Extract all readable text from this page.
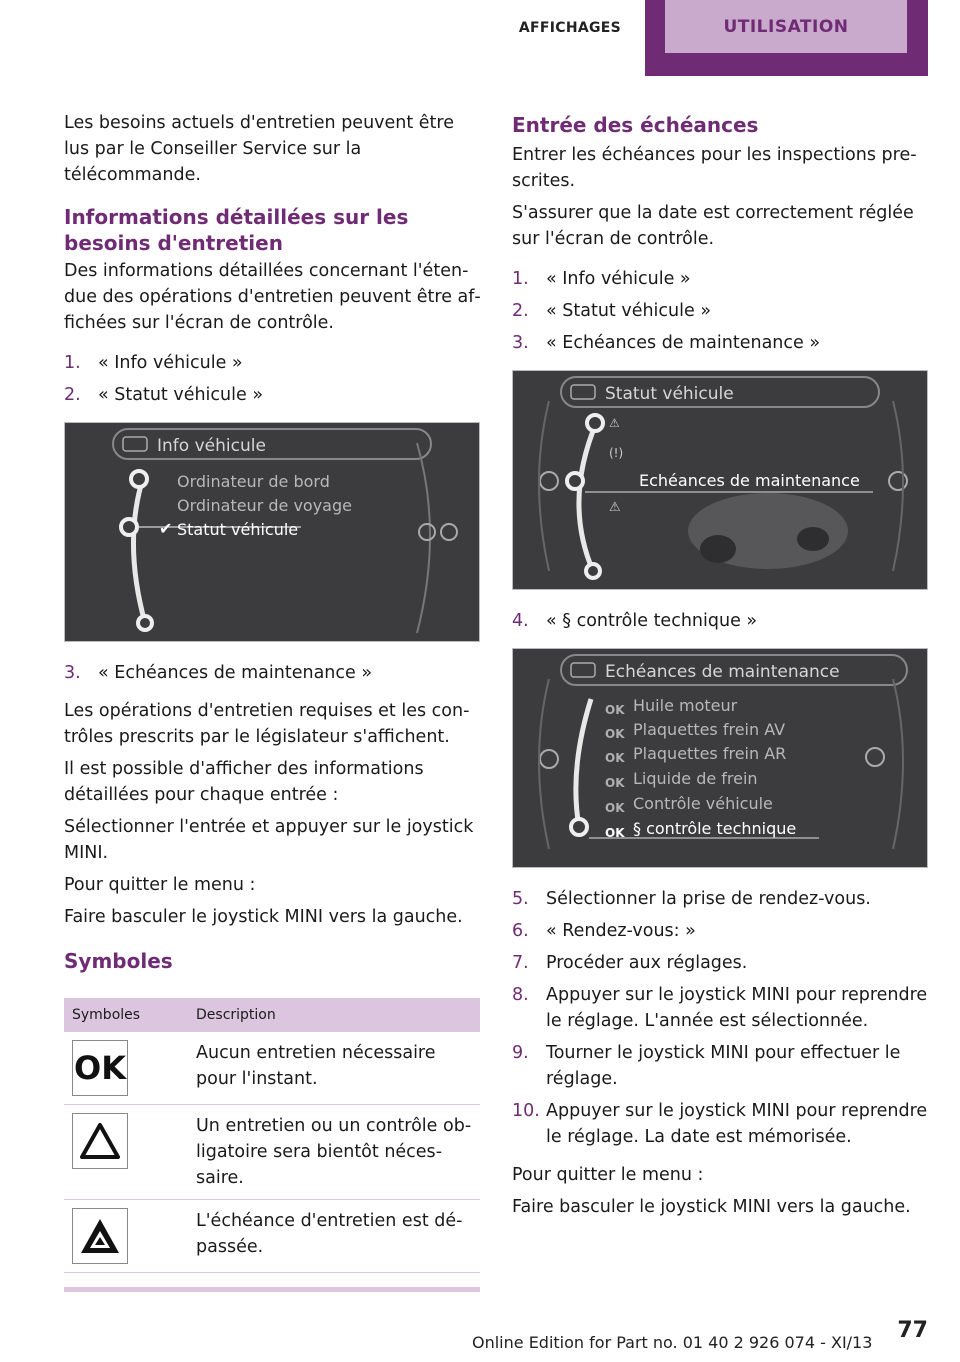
AFFICHAGES	UTILISATION

Les besoins actuels d'entretien peuvent être lus par le Conseiller Service sur la télécommande.

Informations détaillées sur les besoins d'entretien

Des informations détaillées concernant l'étendue des opérations d'entretien peuvent être affichées sur l'écran de contrôle.

1. « Info véhicule »
2. « Statut véhicule »
Info véhicule
Ordinateur de bord
Ordinateur de voyage
Statut véhicule
✔
3. « Echéances de maintenance »

Les opérations d'entretien requises et les contrôles prescrits par le législateur s'affichent.

Il est possible d'afficher des informations détaillées pour chaque entrée :

Sélectionner l'entrée et appuyer sur le joystick MINI.

Pour quitter le menu :

Faire basculer le joystick MINI vers la gauche.

Symboles
Symboles	Description

OK	Aucun entretien nécessaire pour l'instant.

	Un entretien ou un contrôle obligatoire sera bientôt nécessaire.

	L'échéance d'entretien est dépassée.
Entrée des échéances

Entrer les échéances pour les inspections prescrites.

S'assurer que la date est correctement réglée sur l'écran de contrôle.

1. « Info véhicule »
2. « Statut véhicule »
3. « Echéances de maintenance »
⚠
(!)
⚠
Statut véhicule
Echéances de maintenance
4. « § contrôle technique »
Echéances de maintenance
OK Huile moteur
OK Plaquettes frein AV
OK Plaquettes frein AR
OK Liquide de frein
OK Contrôle véhicule
OK § contrôle technique
5. Sélectionner la prise de rendez-vous.
6. « Rendez-vous: »
7. Procéder aux réglages.
8. Appuyer sur le joystick MINI pour reprendre le réglage. L'année est sélectionnée.
9. Tourner le joystick MINI pour effectuer le réglage.
10. Appuyer sur le joystick MINI pour reprendre le réglage. La date est mémorisée.

Pour quitter le menu :

Faire basculer le joystick MINI vers la gauche.

77
Online Edition for Part no. 01 40 2 926 074 - XI/13
